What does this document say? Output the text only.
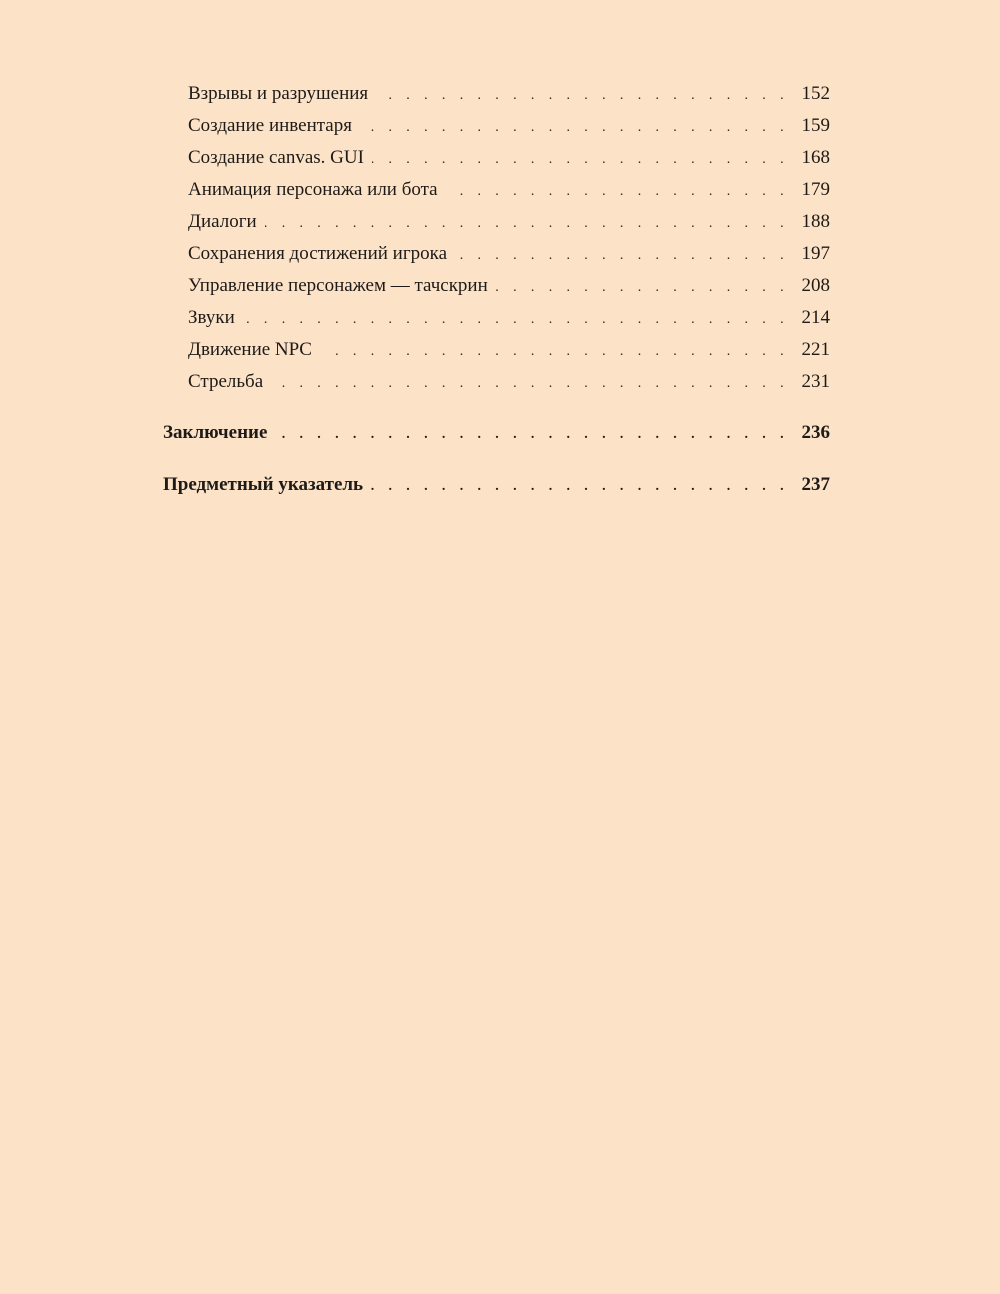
Взрывы и разрушения . . .	152
Создание инвентаря . . .	159
Создание canvas. GUI . . .	168
Анимация персонажа или бота . . .	179
Диалоги . . .	188
Сохранения достижений игрока . . .	197
Управление персонажем — тачскрин . . .	208
Звуки . . .	214
Движение NPC . . .	221
Стрельба . . .	231
Заключение . . .	236
Предметный указатель . . .	237
